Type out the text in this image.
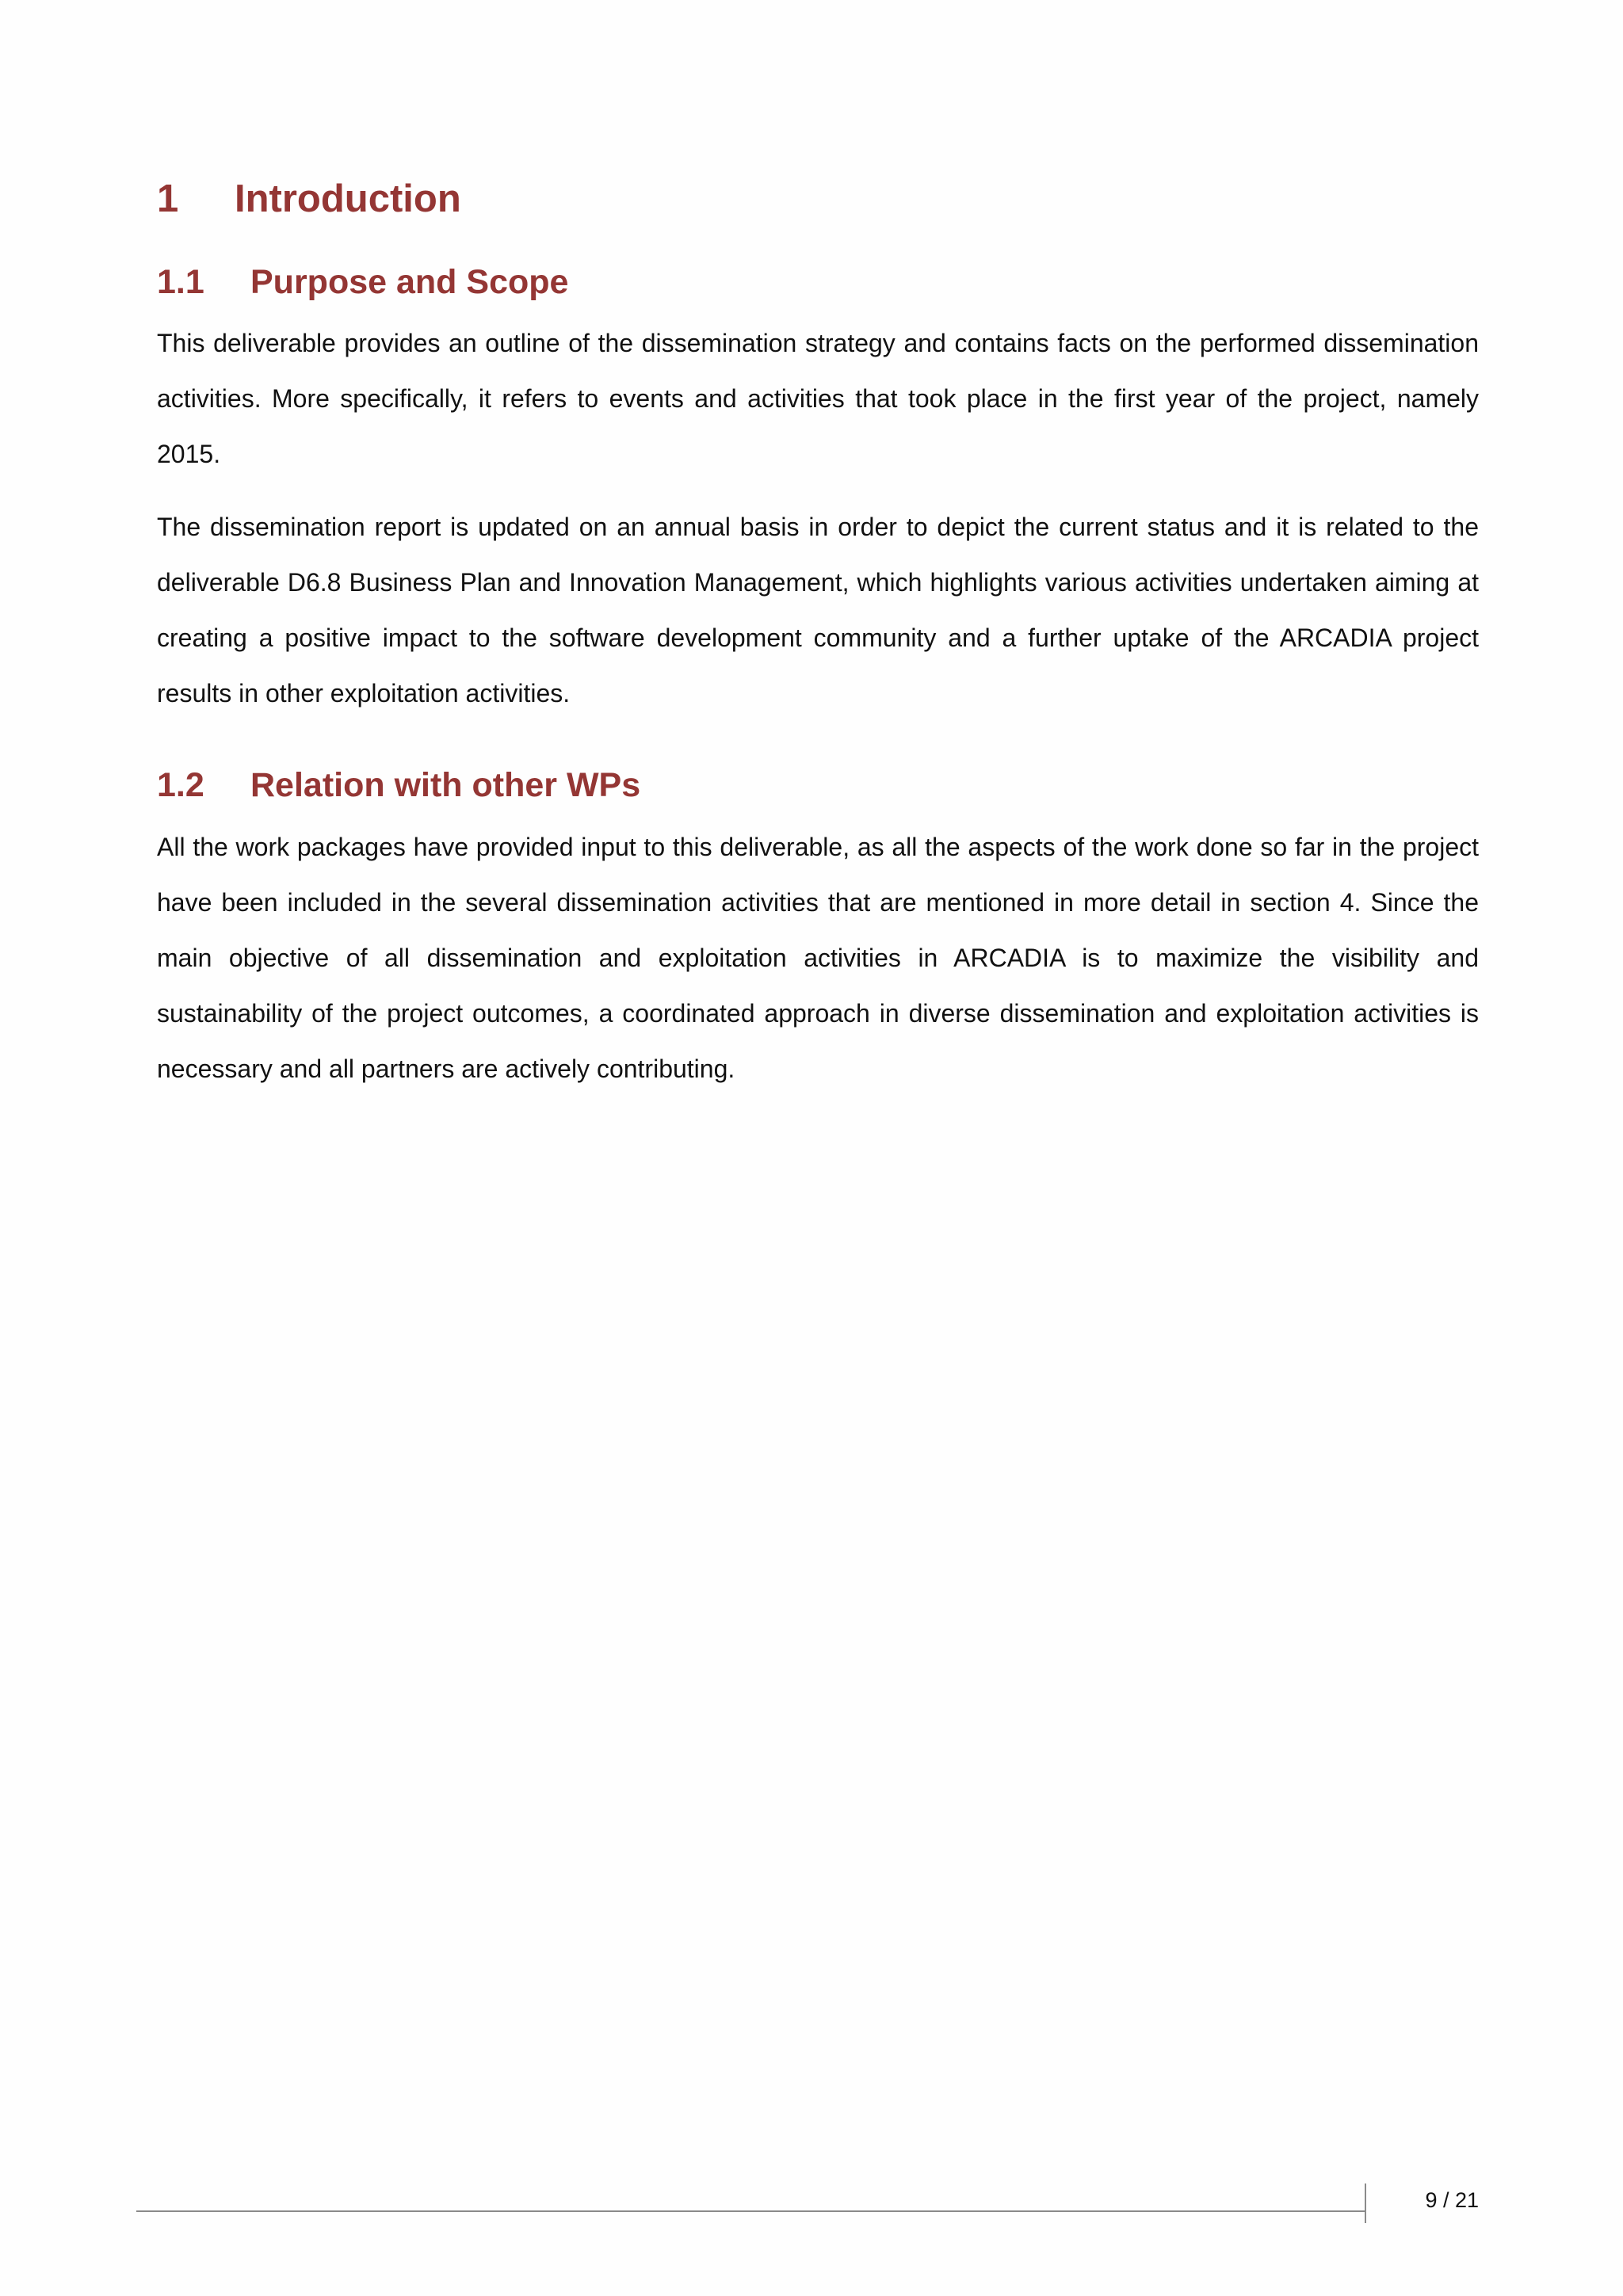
1	Introduction
1.1	Purpose and Scope

This deliverable provides an outline of the dissemination strategy and contains facts on the performed dissemination activities. More specifically, it refers to events and activities that took place in the first year of the project, namely 2015.

The dissemination report is updated on an annual basis in order to depict the current status and it is related to the deliverable D6.8 Business Plan and Innovation Management, which highlights various activities undertaken aiming at creating a positive impact to the software development community and a further uptake of the ARCADIA project results in other exploitation activities.

1.2	Relation with other WPs

All the work packages have provided input to this deliverable, as all the aspects of the work done so far in the project have been included in the several dissemination activities that are mentioned in more detail in section 4. Since the main objective of all dissemination and exploitation activities in ARCADIA is to maximize the visibility and sustainability of the project outcomes, a coordinated approach in diverse dissemination and exploitation activities is necessary and all partners are actively contributing.

9 / 21
